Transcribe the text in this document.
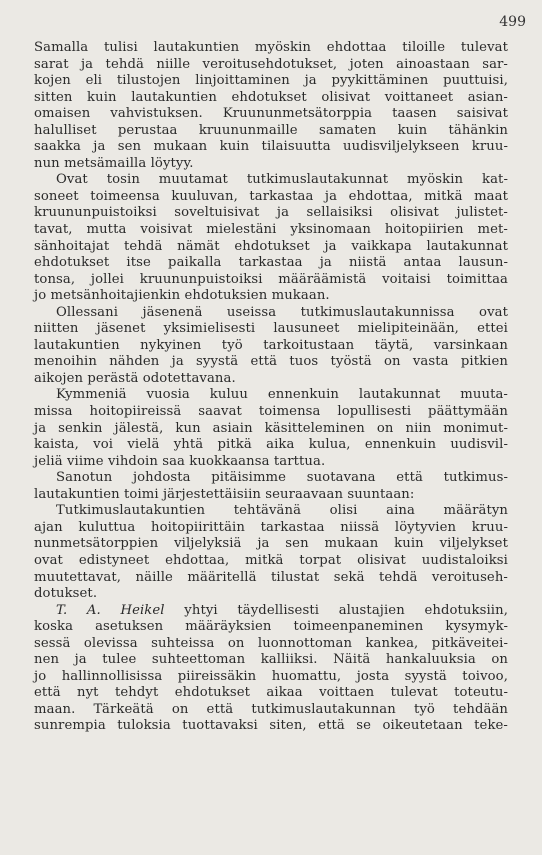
499
Samalla tulisi lautakuntien myöskin ehdottaa tiloille tulevat
sarat ja tehdä niille veroitusehdotukset, joten ainoastaan sar-
kojen eli tilustojen linjoittaminen ja pyykittäminen puuttuisi,
sitten kuin lautakuntien ehdotukset olisivat voittaneet asian-
omaisen vahvistuksen. Kruununmetsätorppia taasen saisivat
halulliset perustaa kruununmaille samaten kuin tähänkin
saakka ja sen mukaan kuin tilaisuutta uudisviljelykseen kruu-
nun metsämailla löytyy.
Ovat tosin muutamat tutkimuslautakunnat myöskin kat-
soneet toimeensa kuuluvan, tarkastaa ja ehdottaa, mitkä maat
kruununpuistoiksi soveltuisivat ja sellaisiksi olisivat julistet-
tavat, mutta voisivat mielestäni yksinomaan hoitopiirien met-
sänhoitajat tehdä nämät ehdotukset ja vaikkapa lautakunnat
ehdotukset itse paikalla tarkastaa ja niistä antaa lausun-
tonsa, jollei kruununpuistoiksi määräämistä voitaisi toimittaa
jo metsänhoitajienkin ehdotuksien mukaan.
Ollessani jäsenenä useissa tutkimuslautakunnissa ovat
niitten jäsenet yksimielisesti lausuneet mielipiteinään, ettei
lautakuntien nykyinen työ tarkoitustaan täytä, varsinkaan
menoihin nähden ja syystä että tuos työstä on vasta pitkien
aikojen perästä odotettavana.
Kymmeniä vuosia kuluu ennenkuin lautakunnat muuta-
missa hoitopiireissä saavat toimensa lopullisesti päättymään
ja senkin jälestä, kun asiain käsitteleminen on niin monimut-
kaista, voi vielä yhtä pitkä aika kulua, ennenkuin uudisvil-
jeliä viime vihdoin saa kuokkaansa tarttua.
Sanotun johdosta pitäisimme suotavana että tutkimus-
lautakuntien toimi järjestettäisiin seuraavaan suuntaan:
Tutkimuslautakuntien tehtävänä olisi aina määrätyn
ajan kuluttua hoitopiirittäin tarkastaa niissä löytyvien kruu-
nunmetsätorppien viljelyksiä ja sen mukaan kuin viljelykset
ovat edistyneet ehdottaa, mitkä torpat olisivat uudistaloiksi
muutettavat, näille määritellä tilustat sekä tehdä veroituseh-
dotukset.
T. A. Heikel yhtyi täydellisesti alustajien ehdotuksiin,
koska asetuksen määräyksien toimeenpaneminen kysymyk-
sessä olevissa suhteissa on luonnottoman kankea, pitkäveitei-
nen ja tulee suhteettoman kalliiksi. Näitä hankaluuksia on
jo hallinnollisissa piireissäkin huomattu, josta syystä toivoo,
että nyt tehdyt ehdotukset aikaa voittaen tulevat toteutu-
maan. Tärkeätä on että tutkimuslautakunnan työ tehdään
sunrempia tuloksia tuottavaksi siten, että se oikeutetaan teke-
